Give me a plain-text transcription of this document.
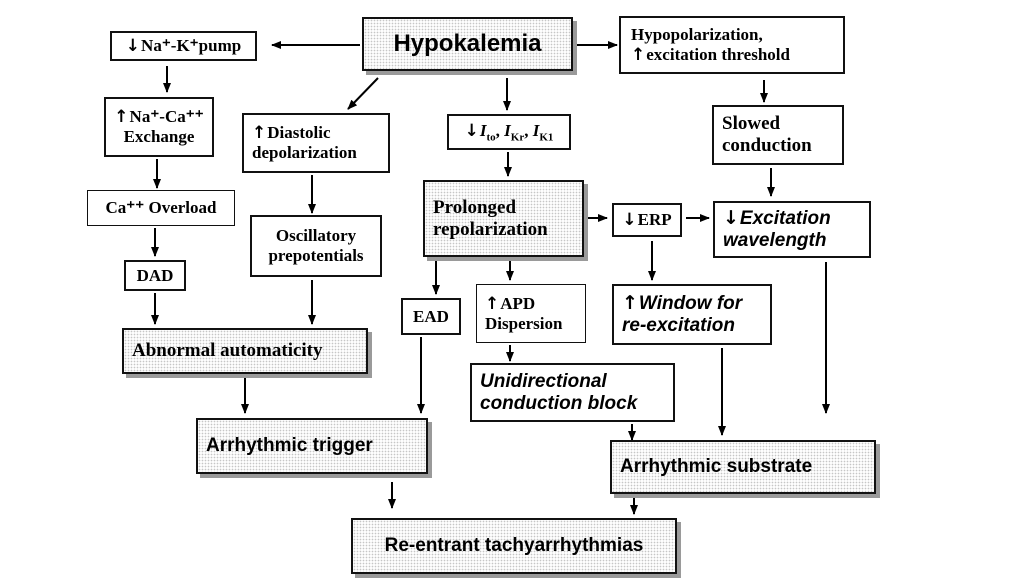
Hypokalemia
↓ Na⁺-K⁺pump
Hypopolarization,
↑ excitation threshold
↑ Na⁺-Ca⁺⁺
Exchange	↑ Diastolic
depolarization
↓ $I_{to}$, $I_{Kr}$, $I_{K1}$
Slowed
conduction
Ca⁺⁺ Overload
Oscillatory
prepotentials
Prolonged
repolarization	↓ ERP	↓ Excitation
wavelength
DAD
EAD
↑ APD
Dispersion
↑ Window for
re-excitation
Abnormal automaticity
Unidirectional
conduction block
Arrhythmic trigger
Arrhythmic substrate
Re-entrant tachyarrhythmias
